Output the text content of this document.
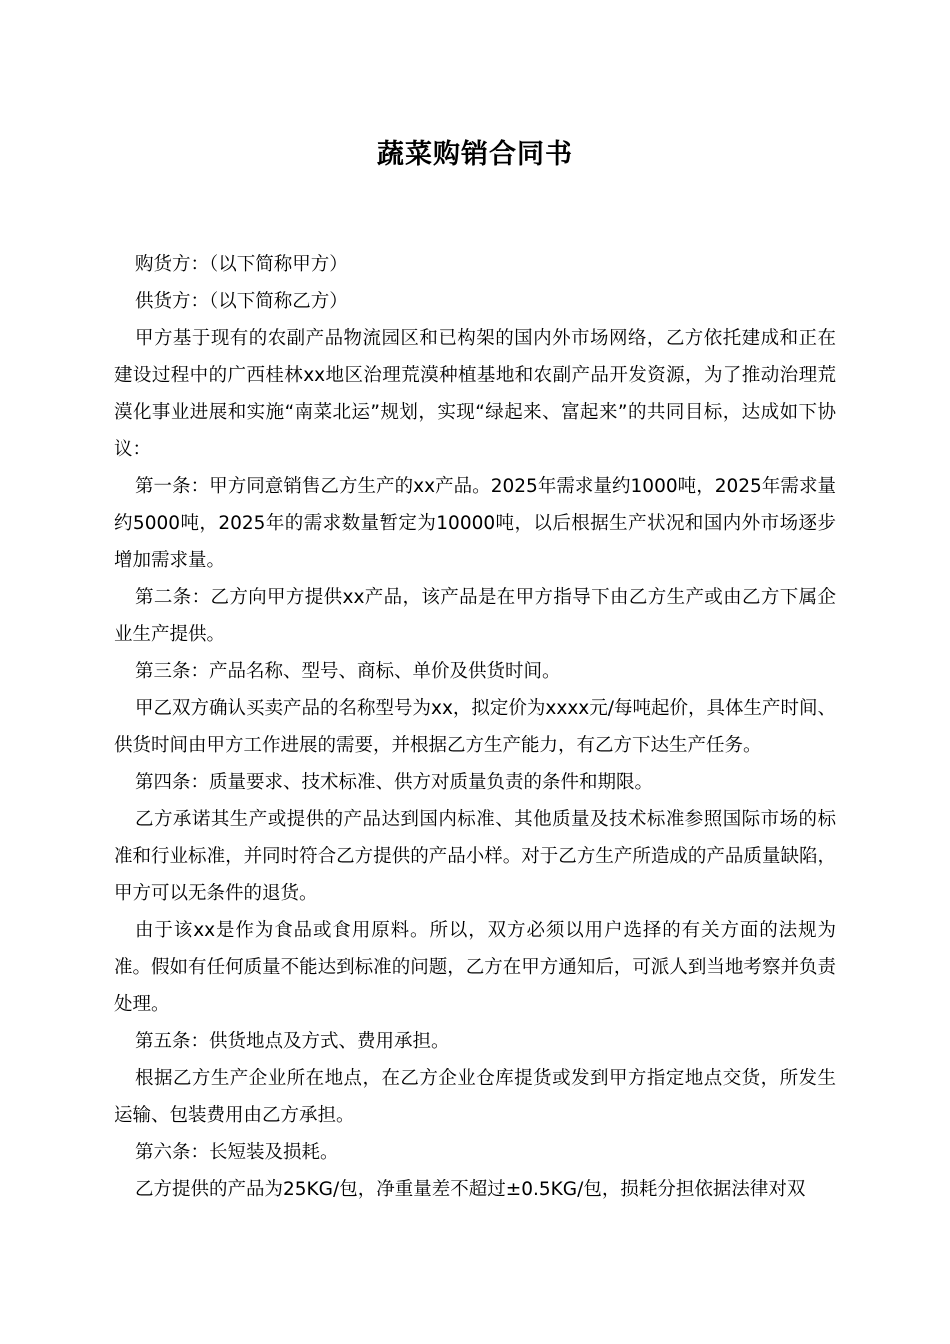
蔬菜购销合同书

购货方：（以下简称甲方）

供货方：（以下简称乙方）

甲方基于现有的农副产品物流园区和已构架的国内外市场网络，乙方依托建成和正在建设过程中的广西桂林xx地区治理荒漠种植基地和农副产品开发资源，为了推动治理荒漠化事业进展和实施“南菜北运”规划，实现“绿起来、富起来”的共同目标，达成如下协议：

第一条：甲方同意销售乙方生产的xx产品。2025年需求量约1000吨，2025年需求量约5000吨，2025年的需求数量暂定为10000吨，以后根据生产状况和国内外市场逐步增加需求量。

第二条：乙方向甲方提供xx产品，该产品是在甲方指导下由乙方生产或由乙方下属企业生产提供。

第三条：产品名称、型号、商标、单价及供货时间。

甲乙双方确认买卖产品的名称型号为xx，拟定价为xxxx元/每吨起价，具体生产时间、供货时间由甲方工作进展的需要，并根据乙方生产能力，有乙方下达生产任务。

第四条：质量要求、技术标准、供方对质量负责的条件和期限。

乙方承诺其生产或提供的产品达到国内标准、其他质量及技术标准参照国际市场的标准和行业标准，并同时符合乙方提供的产品小样。对于乙方生产所造成的产品质量缺陷，甲方可以无条件的退货。

由于该xx是作为食品或食用原料。所以，双方必须以用户选择的有关方面的法规为准。假如有任何质量不能达到标准的问题，乙方在甲方通知后，可派人到当地考察并负责处理。

第五条：供货地点及方式、费用承担。

根据乙方生产企业所在地点，在乙方企业仓库提货或发到甲方指定地点交货，所发生运输、包装费用由乙方承担。

第六条：长短装及损耗。

乙方提供的产品为25KG/包，净重量差不超过±0.5KG/包，损耗分担依据法律对双
